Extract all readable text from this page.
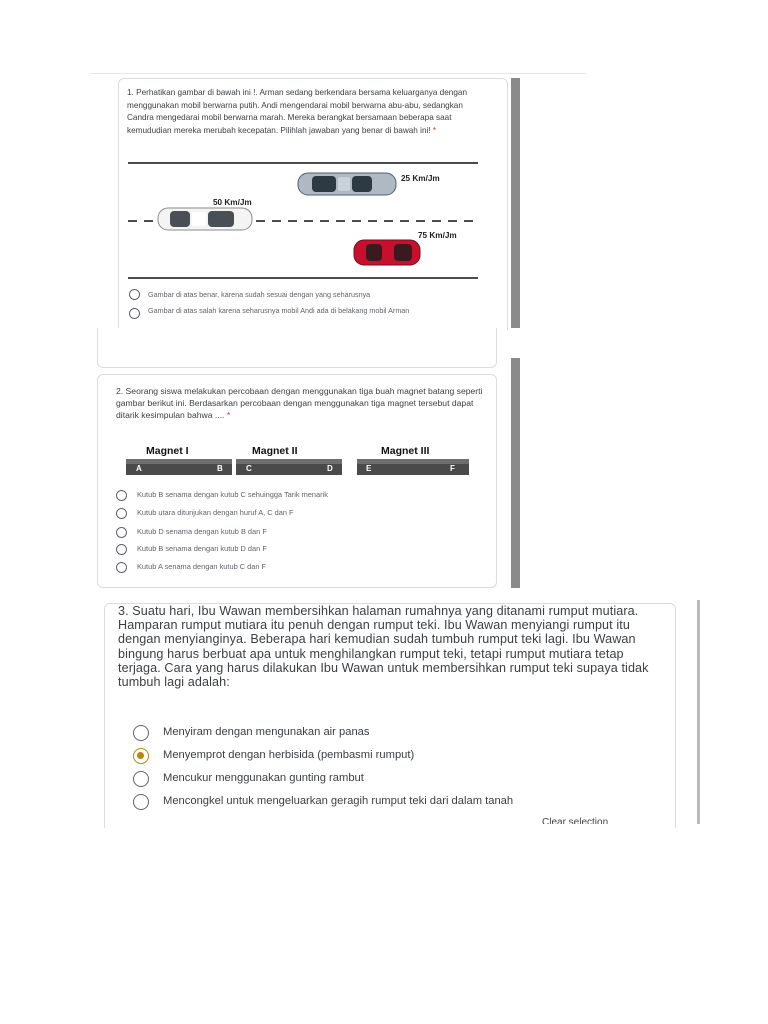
1. Perhatikan gambar di bawah ini !. Arman sedang berkendara bersama keluarganya dengan menggunakan mobil berwarna putih. Andi mengendarai mobil berwarna abu-abu, sedangkan Candra mengedarai mobil berwarna marah. Mereka berangkat bersamaan beberapa saat kemududian mereka merubah kecepatan. Pilihlah jawaban yang benar di bawah ini! *

25 Km/Jm
50 Km/Jm
75 Km/Jm
Gambar di atas benar, karena sudah sesuai dengan yang seharusnya
Gambar di atas salah karena seharusnya mobil Andi ada di belakang mobil Arman

2. Seorang siswa melakukan percobaan dengan menggunakan tiga buah magnet batang seperti gambar berikut ini. Berdasarkan percobaan dengan menggunakan tiga magnet tersebut dapat ditarik kesimpulan bahwa .... *

Magnet I	Magnet II	Magnet III
A	B	C	D	E	F
Kutub B senama dengan kutub C sehuingga Tarik menarik
Kutub utara ditunjukan dengan huruf A, C dan F
Kutub D senama dengan kutub B dan F
Kutub B senama dengan kutub D dan F
Kutub A senama dengan kutub C dan F

3. Suatu hari, Ibu Wawan membersihkan halaman rumahnya yang ditanami rumput mutiara. Hamparan rumput mutiara itu penuh dengan rumput teki. Ibu Wawan menyiangi rumput itu dengan menyianginya. Beberapa hari kemudian sudah tumbuh rumput teki lagi. Ibu Wawan bingung harus berbuat apa untuk menghilangkan rumput teki, tetapi rumput mutiara tetap terjaga. Cara yang harus dilakukan Ibu Wawan untuk membersihkan rumput teki supaya tidak tumbuh lagi adalah:

Menyiram dengan mengunakan air panas
Menyemprot dengan herbisida (pembasmi rumput)
Mencukur menggunakan gunting rambut
Mencongkel untuk mengeluarkan geragih rumput teki dari dalam tanah
Clear selection
